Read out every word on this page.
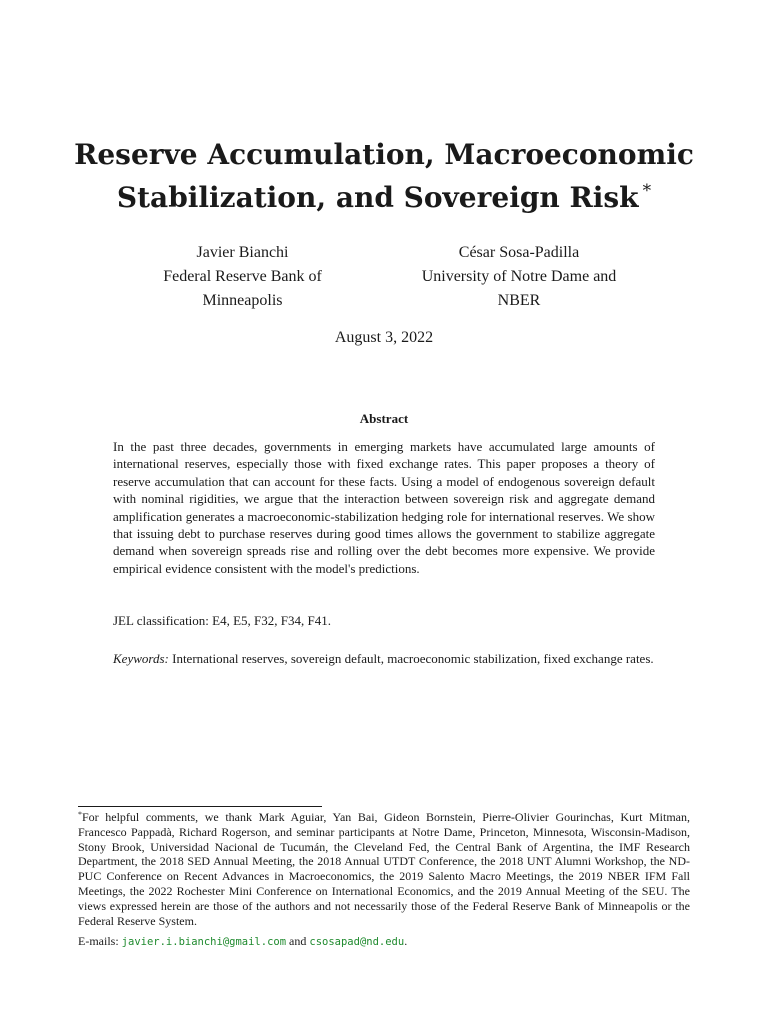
Reserve Accumulation, Macroeconomic Stabilization, and Sovereign Risk *
Javier Bianchi
Federal Reserve Bank of Minneapolis
César Sosa-Padilla
University of Notre Dame and NBER
August 3, 2022
Abstract
In the past three decades, governments in emerging markets have accumulated large amounts of international reserves, especially those with fixed exchange rates. This paper proposes a theory of reserve accumulation that can account for these facts. Using a model of endogenous sovereign default with nominal rigidities, we argue that the interaction between sovereign risk and aggregate demand amplification generates a macroeconomic-stabilization hedging role for international reserves. We show that issuing debt to purchase reserves during good times allows the government to stabilize aggregate demand when sovereign spreads rise and rolling over the debt becomes more expensive. We provide empirical evidence consistent with the model's predictions.
JEL classification: E4, E5, F32, F34, F41.
Keywords: International reserves, sovereign default, macroeconomic stabilization, fixed exchange rates.
*For helpful comments, we thank Mark Aguiar, Yan Bai, Gideon Bornstein, Pierre-Olivier Gourinchas, Kurt Mitman, Francesco Pappadà, Richard Rogerson, and seminar participants at Notre Dame, Princeton, Minnesota, Wisconsin-Madison, Stony Brook, Universidad Nacional de Tucumán, the Cleveland Fed, the Central Bank of Argentina, the IMF Research Department, the 2018 SED Annual Meeting, the 2018 Annual UTDT Conference, the 2018 UNT Alumni Workshop, the ND-PUC Conference on Recent Advances in Macroeconomics, the 2019 Salento Macro Meetings, the 2019 NBER IFM Fall Meetings, the 2022 Rochester Mini Conference on International Economics, and the 2019 Annual Meeting of the SEU. The views expressed herein are those of the authors and not necessarily those of the Federal Reserve Bank of Minneapolis or the Federal Reserve System.
E-mails: javier.i.bianchi@gmail.com and csosapad@nd.edu.
